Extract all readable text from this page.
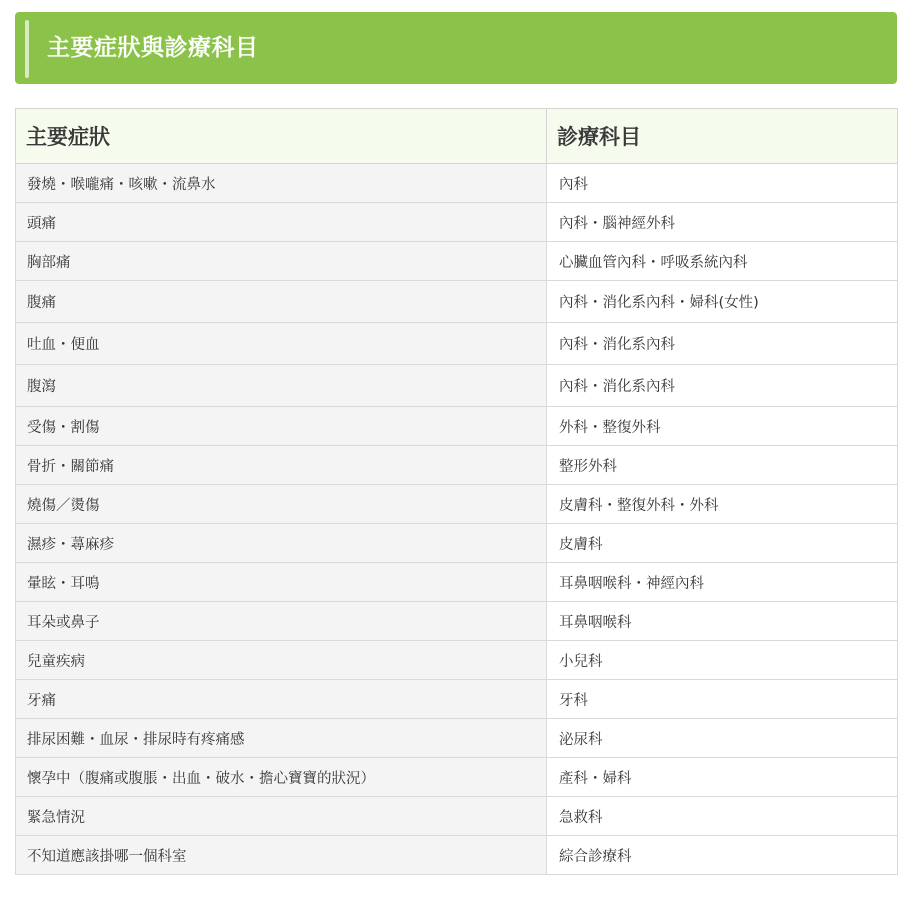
主要症狀與診療科目
主要症狀	診療科目
發燒・喉嚨痛・咳嗽・流鼻水	內科
頭痛	內科・腦神經外科
胸部痛	心臟血管內科・呼吸系統內科
腹痛	內科・消化系內科・婦科(女性)
吐血・便血	內科・消化系內科
腹瀉	內科・消化系內科
受傷・割傷	外科・整復外科
骨折・關節痛	整形外科
燒傷／燙傷	皮膚科・整復外科・外科
濕疹・蕁麻疹	皮膚科
暈眩・耳鳴	耳鼻咽喉科・神經內科
耳朵或鼻子	耳鼻咽喉科
兒童疾病	小兒科
牙痛	牙科
排尿困難・血尿・排尿時有疼痛感	泌尿科
懷孕中（腹痛或腹脹・出血・破水・擔心寶寶的狀況）	產科・婦科
緊急情況	急救科
不知道應該掛哪一個科室	綜合診療科
